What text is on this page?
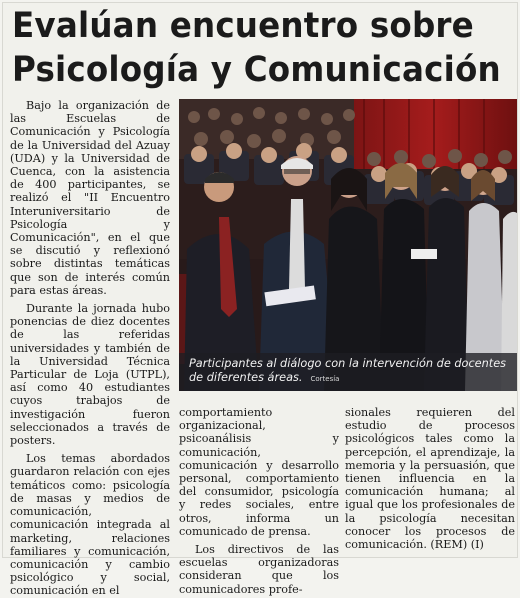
Evalúan encuentro sobre
Psicología y Comunicación

Bajo la organización de las Escuelas de Comunicación y Psicología de la Universidad del Azuay (UDA) y la Universidad de Cuenca, con la asistencia de 400 participantes, se realizó el "II Encuentro Interuniversitario de Psicología y Comunicación", en el que se discutió y reflexionó sobre distintas temáticas que son de interés común para estas áreas.

Durante la jornada hubo ponencias de diez docentes de las referidas universidades y también de la Universidad Técnica Particular de Loja (UTPL), así como 40 estudiantes cuyos trabajos de investigación fueron seleccionados a través de posters.

Los temas abordados guardaron relación con ejes temáticos como: psicología de masas y medios de comunicación, comunicación integrada al marketing, relaciones familiares y comunicación, comunicación y cambio psicológico y social, comunicación en el

Participantes al diálogo con la intervención de docentes de diferentes áreas. Cortesía

comportamiento organizacional, psicoanálisis y comunicación, comunicación y desarrollo personal, comportamiento del consumidor, psicología y redes sociales, entre otros, informa un comunicado de prensa.

Los directivos de las escuelas organizadoras consideran que los comunicadores profe-

sionales requieren del estudio de procesos psicológicos tales como la percepción, el aprendizaje, la memoria y la persuasión, que tienen influencia en la comunicación humana; al igual que los profesionales de la psicología necesitan conocer los procesos de comunicación. (REM) (I)
